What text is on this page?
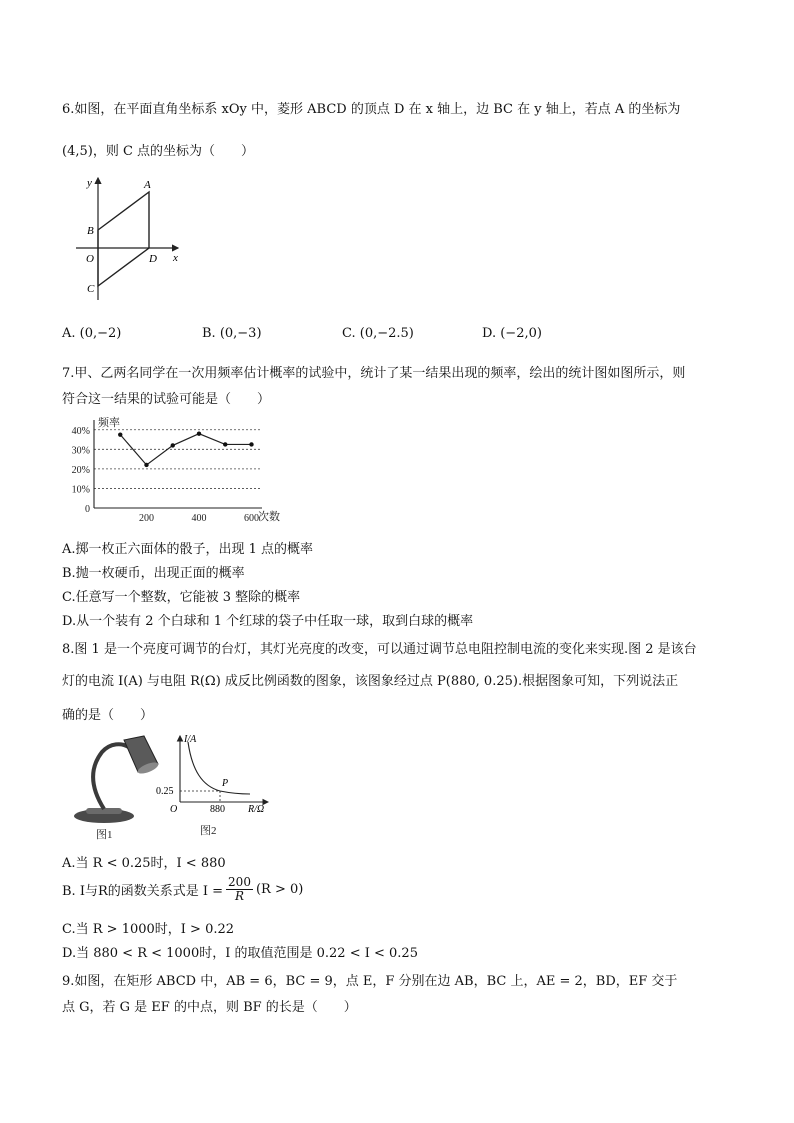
6.如图，在平面直角坐标系 xOy 中，菱形 ABCD 的顶点 D 在 x 轴上，边 BC 在 y 轴上，若点 A 的坐标为
(4,5)，则 C 点的坐标为（　　）
y
x
A
B
O	D
C
A. (0,−2)	B. (0,−3)	C. (0,−2.5)	D. (−2,0)
7.甲、乙两名同学在一次用频率估计概率的试验中，统计了某一结果出现的频率，绘出的统计图如图所示，则
符合这一结果的试验可能是（　　）
频率
次数
40%
30%
20%
10%
0
200	400	600
A.掷一枚正六面体的骰子，出现 1 点的概率
B.抛一枚硬币，出现正面的概率
C.任意写一个整数，它能被 3 整除的概率
D.从一个装有 2 个白球和 1 个红球的袋子中任取一球，取到白球的概率
8.图 1 是一个亮度可调节的台灯，其灯光亮度的改变，可以通过调节总电阻控制电流的变化来实现.图 2 是该台
灯的电流 I(A) 与电阻 R(Ω) 成反比例函数的图象，该图象经过点 P(880, 0.25).根据图象可知，下列说法正
确的是（　　）
图1
I/A
R/Ω
O
0.25
880
P
图2
A.当 R < 0.25时，I < 880
B. I与R的函数关系式是 $I = \frac{200}{R} (R > 0)$
C.当 R > 1000时，I > 0.22
D.当 880 < R < 1000时，I 的取值范围是 0.22 < I < 0.25
9.如图，在矩形 ABCD 中，AB = 6，BC = 9，点 E，F 分别在边 AB，BC 上，AE = 2，BD，EF 交于
点 G，若 G 是 EF 的中点，则 BF 的长是（　　）
